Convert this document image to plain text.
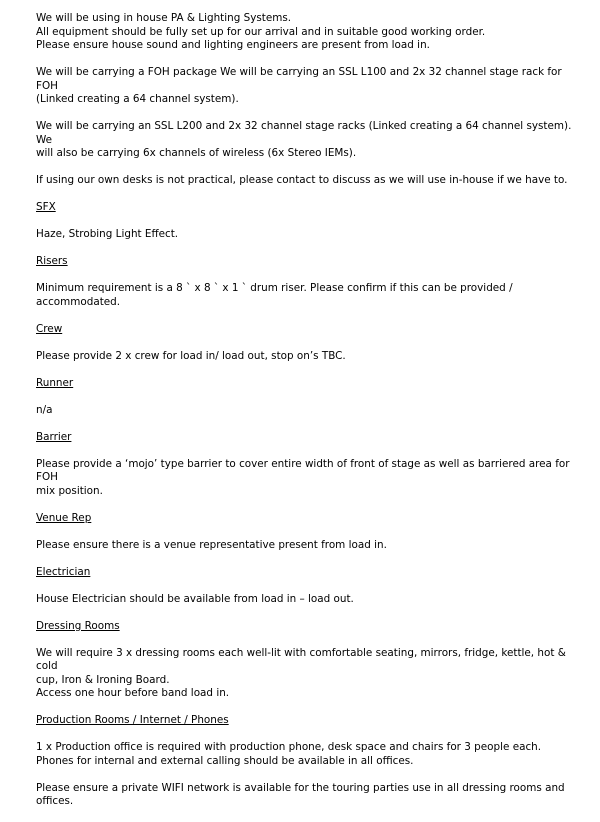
We will be using in house PA & Lighting Systems.
All equipment should be fully set up for our arrival and in suitable good working order.
Please ensure house sound and lighting engineers are present from load in.
We will be carrying a FOH package We will be carrying an SSL L100 and 2x 32 channel stage rack for FOH
(Linked creating a 64 channel system).
We will be carrying an SSL L200 and 2x 32 channel stage racks (Linked creating a 64 channel system). We
will also be carrying 6x channels of wireless (6x Stereo IEMs).
If using our own desks is not practical, please contact to discuss as we will use in-house if we have to.

SFX

Haze, Strobing Light Effect.

Risers

Minimum requirement is a 8 ` x 8 ` x 1 ` drum riser. Please confirm if this can be provided / accommodated.

Crew

Please provide 2 x crew for load in/ load out, stop on’s TBC.

Runner

n/a

Barrier

Please provide a ‘mojo’ type barrier to cover entire width of front of stage as well as barriered area for FOH
mix position.

Venue Rep

Please ensure there is a venue representative present from load in.

Electrician

House Electrician should be available from load in – load out.

Dressing Rooms

We will require 3 x dressing rooms each well-lit with comfortable seating, mirrors, fridge, kettle, hot & cold
cup, Iron & Ironing Board.
Access one hour before band load in.

Production Rooms / Internet / Phones

1 x Production office is required with production phone, desk space and chairs for 3 people each.
Phones for internal and external calling should be available in all offices.
Please ensure a private WIFI network is available for the touring parties use in all dressing rooms and
offices.
